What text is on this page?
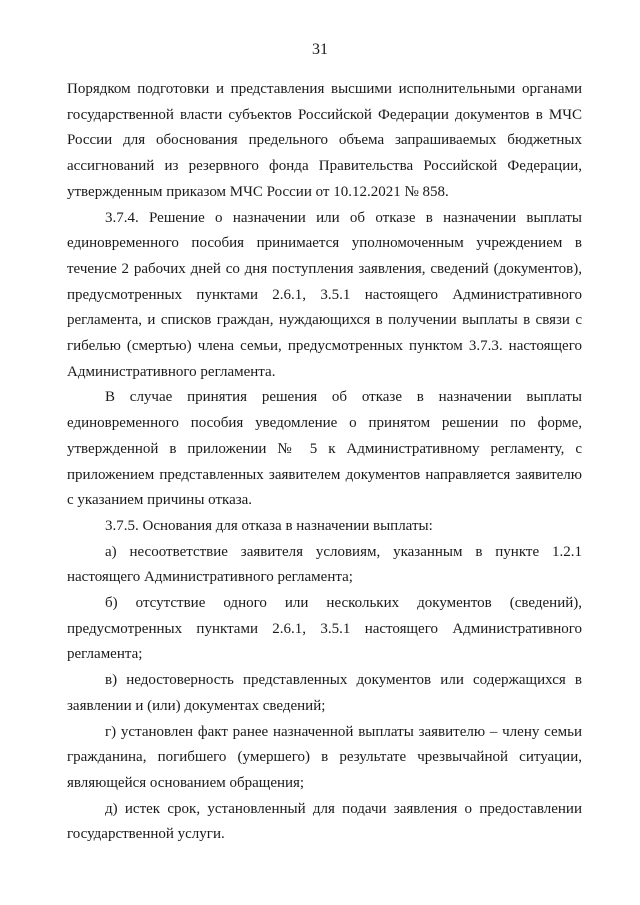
31

Порядком подготовки и представления высшими исполнительными органами государственной власти субъектов Российской Федерации документов в МЧС России для обоснования предельного объема запрашиваемых бюджетных ассигнований из резервного фонда Правительства Российской Федерации, утвержденным приказом МЧС России от 10.12.2021 № 858.

3.7.4. Решение о назначении или об отказе в назначении выплаты единовременного пособия принимается уполномоченным учреждением в течение 2 рабочих дней со дня поступления заявления, сведений (документов), предусмотренных пунктами 2.6.1, 3.5.1 настоящего Административного регламента, и списков граждан, нуждающихся в получении выплаты в связи с гибелью (смертью) члена семьи, предусмотренных пунктом 3.7.3. настоящего Административного регламента.

В случае принятия решения об отказе в назначении выплаты единовременного пособия уведомление о принятом решении по форме, утвержденной в приложении № 5 к Административному регламенту, с приложением представленных заявителем документов направляется заявителю с указанием причины отказа.

3.7.5. Основания для отказа в назначении выплаты:

а) несоответствие заявителя условиям, указанным в пункте 1.2.1 настоящего Административного регламента;

б) отсутствие одного или нескольких документов (сведений), предусмотренных пунктами 2.6.1, 3.5.1 настоящего Административного регламента;

в) недостоверность представленных документов или содержащихся в заявлении и (или) документах сведений;

г) установлен факт ранее назначенной выплаты заявителю – члену семьи гражданина, погибшего (умершего) в результате чрезвычайной ситуации, являющейся основанием обращения;

д) истек срок, установленный для подачи заявления о предоставлении государственной услуги.
